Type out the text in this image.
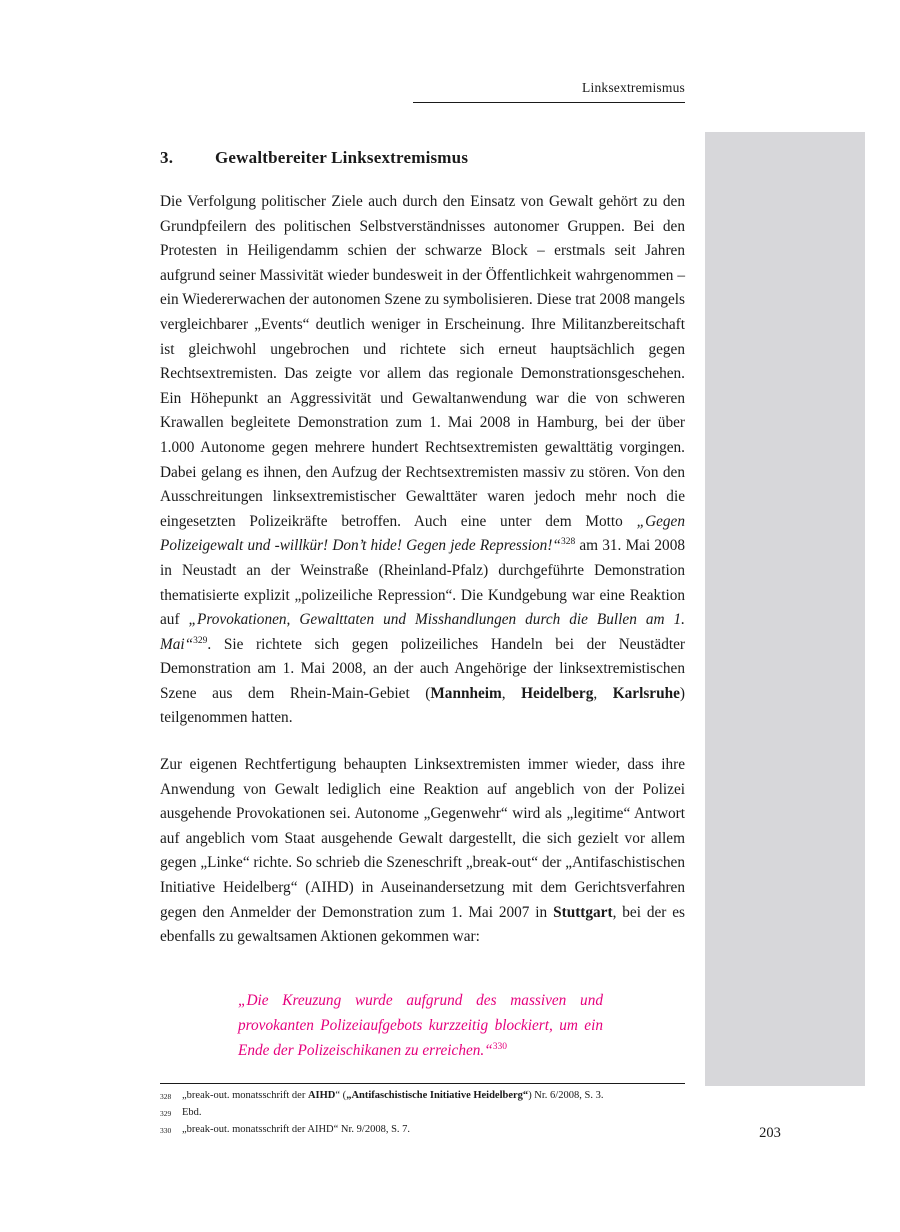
Linksextremismus
3. Gewaltbereiter Linksextremismus

Die Verfolgung politischer Ziele auch durch den Einsatz von Gewalt gehört zu den Grundpfeilern des politischen Selbstverständnisses autonomer Gruppen. Bei den Protesten in Heiligendamm schien der schwarze Block – erstmals seit Jahren aufgrund seiner Massivität wieder bundesweit in der Öffentlichkeit wahrgenommen – ein Wiedererwachen der autonomen Szene zu symbolisieren. Diese trat 2008 mangels vergleichbarer „Events“ deutlich weniger in Erscheinung. Ihre Militanzbereitschaft ist gleichwohl ungebrochen und richtete sich erneut hauptsächlich gegen Rechtsextremisten. Das zeigte vor allem das regionale Demonstrationsgeschehen. Ein Höhepunkt an Aggressivität und Gewaltanwendung war die von schweren Krawallen begleitete Demonstration zum 1. Mai 2008 in Hamburg, bei der über 1.000 Autonome gegen mehrere hundert Rechtsextremisten gewalttätig vorgingen. Dabei gelang es ihnen, den Aufzug der Rechtsextremisten massiv zu stören. Von den Ausschreitungen linksextremistischer Gewalttäter waren jedoch mehr noch die eingesetzten Polizeikräfte betroffen. Auch eine unter dem Motto „Gegen Polizeigewalt und -willkür! Don’t hide! Gegen jede Repression!“$^{328}$ am 31. Mai 2008 in Neustadt an der Weinstraße (Rheinland-Pfalz) durchgeführte Demonstration thematisierte explizit „polizeiliche Repression“. Die Kundgebung war eine Reaktion auf „Provokationen, Gewalttaten und Misshandlungen durch die Bullen am 1. Mai“$^{329}$. Sie richtete sich gegen polizeiliches Handeln bei der Neustädter Demonstration am 1. Mai 2008, an der auch Angehörige der linksextremistischen Szene aus dem Rhein-Main-Gebiet (Mannheim, Heidelberg, Karlsruhe) teilgenommen hatten.

Zur eigenen Rechtfertigung behaupten Linksextremisten immer wieder, dass ihre Anwendung von Gewalt lediglich eine Reaktion auf angeblich von der Polizei ausgehende Provokationen sei. Autonome „Gegenwehr“ wird als „legitime“ Antwort auf angeblich vom Staat ausgehende Gewalt dargestellt, die sich gezielt vor allem gegen „Linke“ richte. So schrieb die Szeneschrift „break-out“ der „Antifaschistischen Initiative Heidelberg“ (AIHD) in Auseinandersetzung mit dem Gerichtsverfahren gegen den Anmelder der Demonstration zum 1. Mai 2007 in Stuttgart, bei der es ebenfalls zu gewaltsamen Aktionen gekommen war:

„Die Kreuzung wurde aufgrund des massiven und provokanten Polizeiaufgebots kurzzeitig blockiert, um ein Ende der Polizeischikanen zu erreichen.“$^{330}$
328	„break-out. monatsschrift der AIHD“ („Antifaschistische Initiative Heidelberg“) Nr. 6/2008, S. 3.
329	Ebd.
330	„break-out. monatsschrift der AIHD“ Nr. 9/2008, S. 7.	203
